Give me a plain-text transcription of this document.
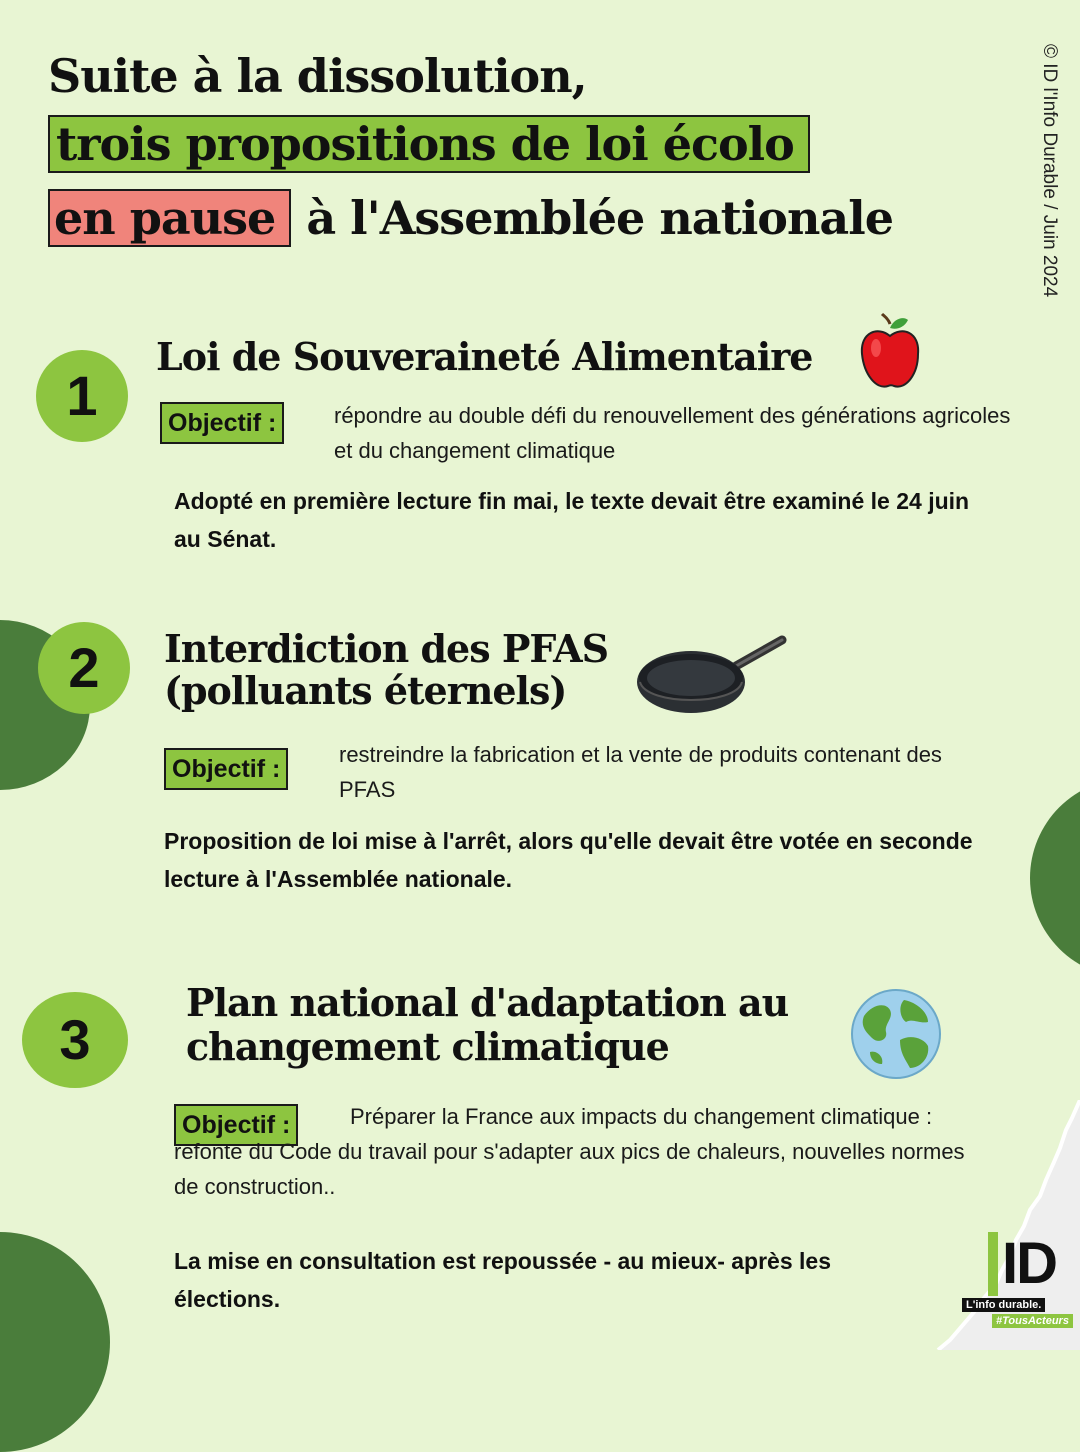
Suite à la dissolution,
trois propositions de loi écolo
en pause à l'Assemblée nationale	© ID l'Info Durable / Juin 2024
1
Loi de Souveraineté Alimentaire
Objectif :	répondre au double défi du renouvellement des générations agricoles et du changement climatique
Adopté en première lecture fin mai, le texte devait être examiné le 24 juin au Sénat.
2	Interdiction des PFAS
(polluants éternels)
Objectif :
restreindre la fabrication et la vente de produits contenant des PFAS
Proposition de loi mise à l'arrêt, alors qu'elle devait être votée en seconde lecture à l'Assemblée nationale.
3
Plan national d'adaptation au
changement climatique
Objectif :	Préparer la France aux impacts du changement climatique : refonte du Code du travail pour s'adapter aux pics de chaleurs, nouvelles normes de construction..
La mise en consultation est repoussée - au mieux- après les élections.
ID
L'info durable.
#TousActeurs
